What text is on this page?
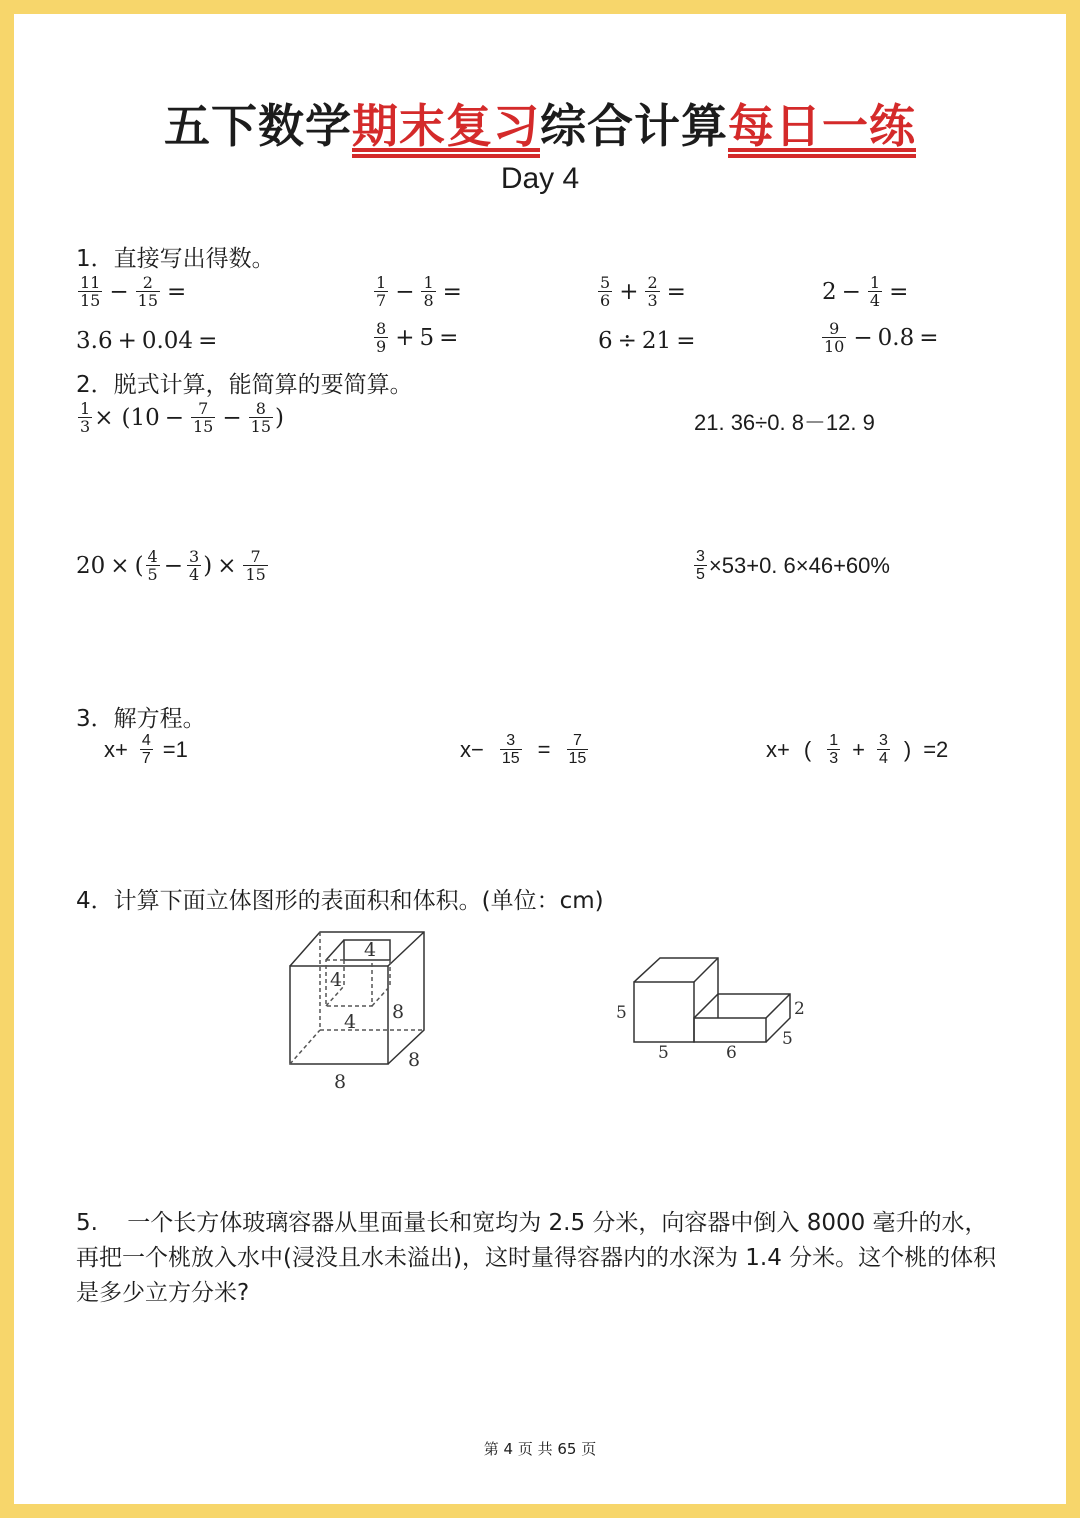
五下数学期末复习综合计算每日一练
Day 4
1．直接写出得数。
$\frac{11}{15} - \frac{2}{15}$ =	$\frac{1}{7} - \frac{1}{8}$ =	$\frac{5}{6} + \frac{2}{3}$ =	$2 - \frac{1}{4}$ =
3.6 + 0.04 =	$\frac{8}{9} + 5$ =	6 ÷ 21 =	$\frac{9}{10} - 0.8$ =
2．脱式计算，能简算的要简算。
$\frac{1}{3} \times (10 - \frac{7}{15} - \frac{8}{15}$ )	21. 36÷0. 8－12. 9
20 × ( $\frac{4}{5} - \frac{3}{4}$ ) × $\frac{7}{15}$	$\frac{3}{5} \times 53+0$. 6×46+60%
3．解方程。
$x+ \frac{4}{7} =1$	$x- \frac{3}{15} = \frac{7}{15}$	x+ ( $\frac{1}{3} + \frac{3}{4}$ ) =2
4．计算下面立体图形的表面积和体积。(单位：cm)
4
4
4 8
8
8
5
5	6
2
5
5. 一个长方体玻璃容器从里面量长和宽均为 2.5 分米，向容器中倒入 8000 毫升的水，再把一个桃放入水中(浸没且水未溢出)，这时量得容器内的水深为 1.4 分米。这个桃的体积是多少立方分米?
第 4 页 共 65 页
